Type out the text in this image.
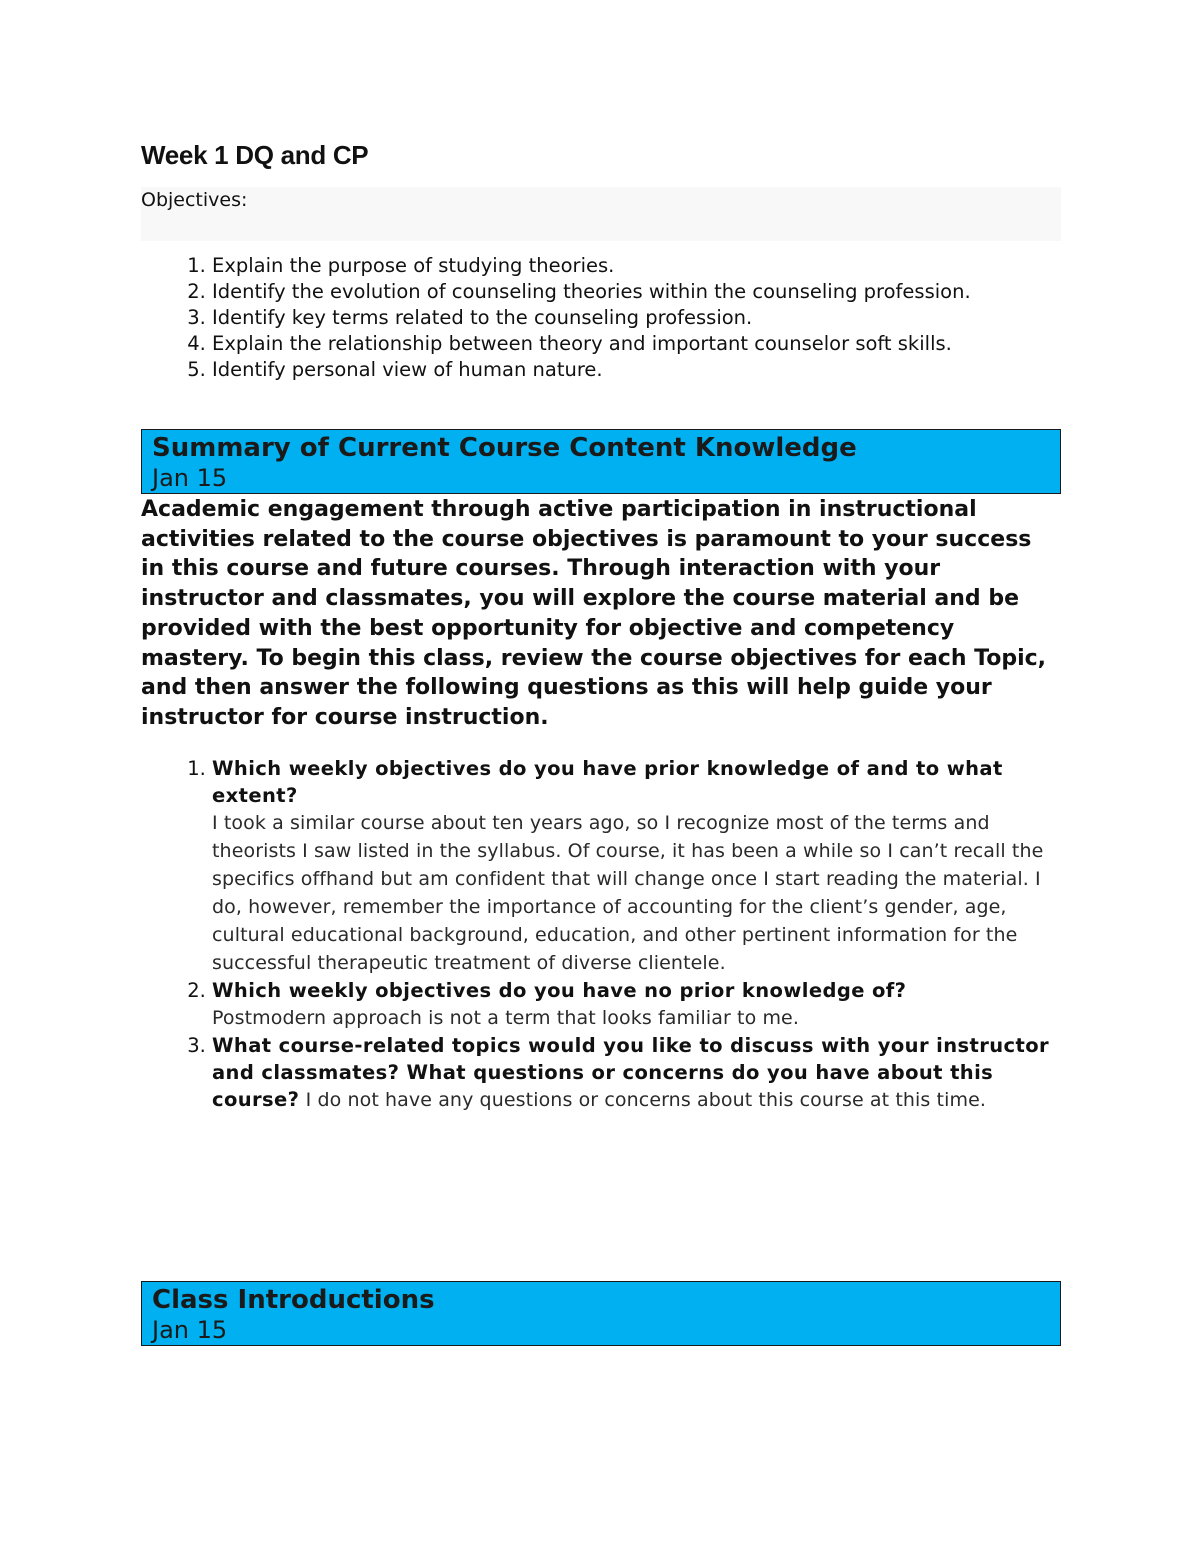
Week 1 DQ and CP
Objectives:
1. Explain the purpose of studying theories.
2. Identify the evolution of counseling theories within the counseling profession.
3. Identify key terms related to the counseling profession.
4. Explain the relationship between theory and important counselor soft skills.
5. Identify personal view of human nature.
Summary of Current Course Content Knowledge
Jan 15

Academic engagement through active participation in instructional activities related to the course objectives is paramount to your success in this course and future courses. Through interaction with your instructor and classmates, you will explore the course material and be provided with the best opportunity for objective and competency mastery. To begin this class, review the course objectives for each Topic, and then answer the following questions as this will help guide your instructor for course instruction.

1. Which weekly objectives do you have prior knowledge of and to what extent?
I took a similar course about ten years ago, so I recognize most of the terms and theorists I saw listed in the syllabus. Of course, it has been a while so I can’t recall the specifics offhand but am confident that will change once I start reading the material. I do, however, remember the importance of accounting for the client’s gender, age, cultural educational background, education, and other pertinent information for the successful therapeutic treatment of diverse clientele.
2. Which weekly objectives do you have no prior knowledge of?
Postmodern approach is not a term that looks familiar to me.
3. What course-related topics would you like to discuss with your instructor and classmates? What questions or concerns do you have about this course? I do not have any questions or concerns about this course at this time.
Class Introductions
Jan 15
